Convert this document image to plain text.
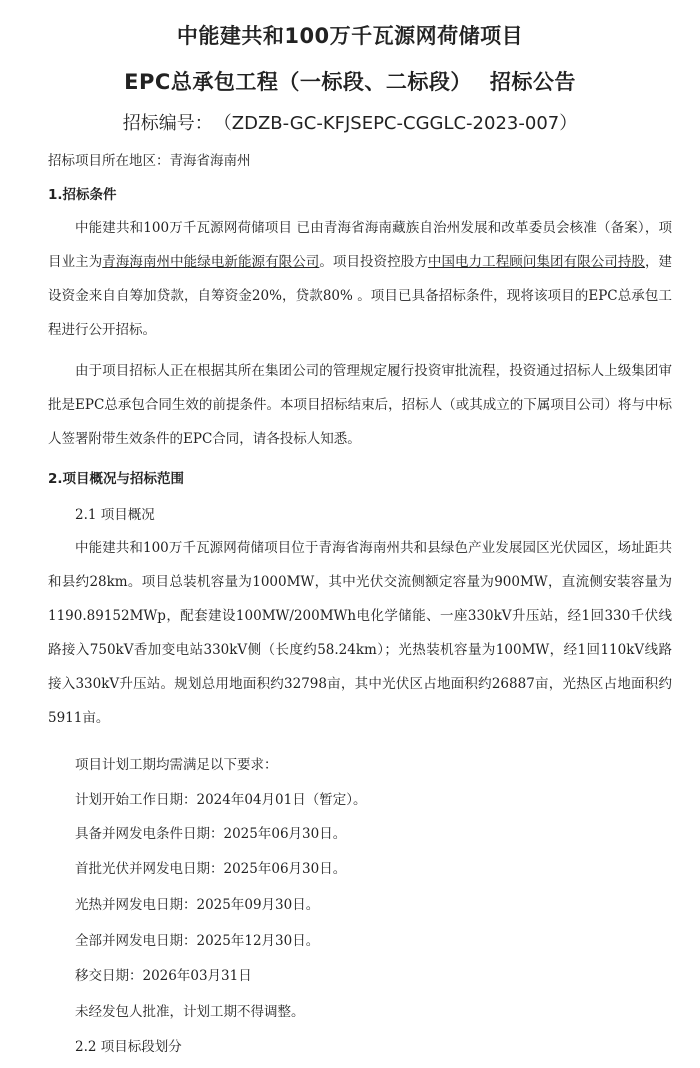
中能建共和100万千瓦源网荷储项目
EPC总承包工程（一标段、二标段） 招标公告
招标编号： （ZDZB-GC-KFJSEPC-CGGLC-2023-007）
招标项目所在地区：青海省海南州
1.招标条件
中能建共和100万千瓦源网荷储项目 已由青海省海南藏族自治州发展和改革委员会核准（备案），项目业主为青海海南州中能绿电新能源有限公司。项目投资控股方中国电力工程顾问集团有限公司持股，建设资金来自自筹加贷款，自筹资金20%，贷款80% 。项目已具备招标条件，现将该项目的EPC总承包工程进行公开招标。
由于项目招标人正在根据其所在集团公司的管理规定履行投资审批流程，投资通过招标人上级集团审批是EPC总承包合同生效的前提条件。本项目招标结束后，招标人（或其成立的下属项目公司）将与中标人签署附带生效条件的EPC合同，请各投标人知悉。
2.项目概况与招标范围
2.1 项目概况
中能建共和100万千瓦源网荷储项目位于青海省海南州共和县绿色产业发展园区光伏园区，场址距共和县约28km。项目总装机容量为1000MW，其中光伏交流侧额定容量为900MW，直流侧安装容量为1190.89152MWp，配套建设100MW/200MWh电化学储能、一座330kV升压站，经1回330千伏线路接入750kV香加变电站330kV侧（长度约58.24km）；光热装机容量为100MW，经1回110kV线路接入330kV升压站。规划总用地面积约32798亩，其中光伏区占地面积约26887亩，光热区占地面积约5911亩。
项目计划工期均需满足以下要求：
计划开始工作日期：2024年04月01日（暂定）。
具备并网发电条件日期：2025年06月30日。
首批光伏并网发电日期：2025年06月30日。
光热并网发电日期：2025年09月30日。
全部并网发电日期：2025年12月30日。
移交日期：2026年03月31日
未经发包人批准，计划工期不得调整。
2.2 项目标段划分
